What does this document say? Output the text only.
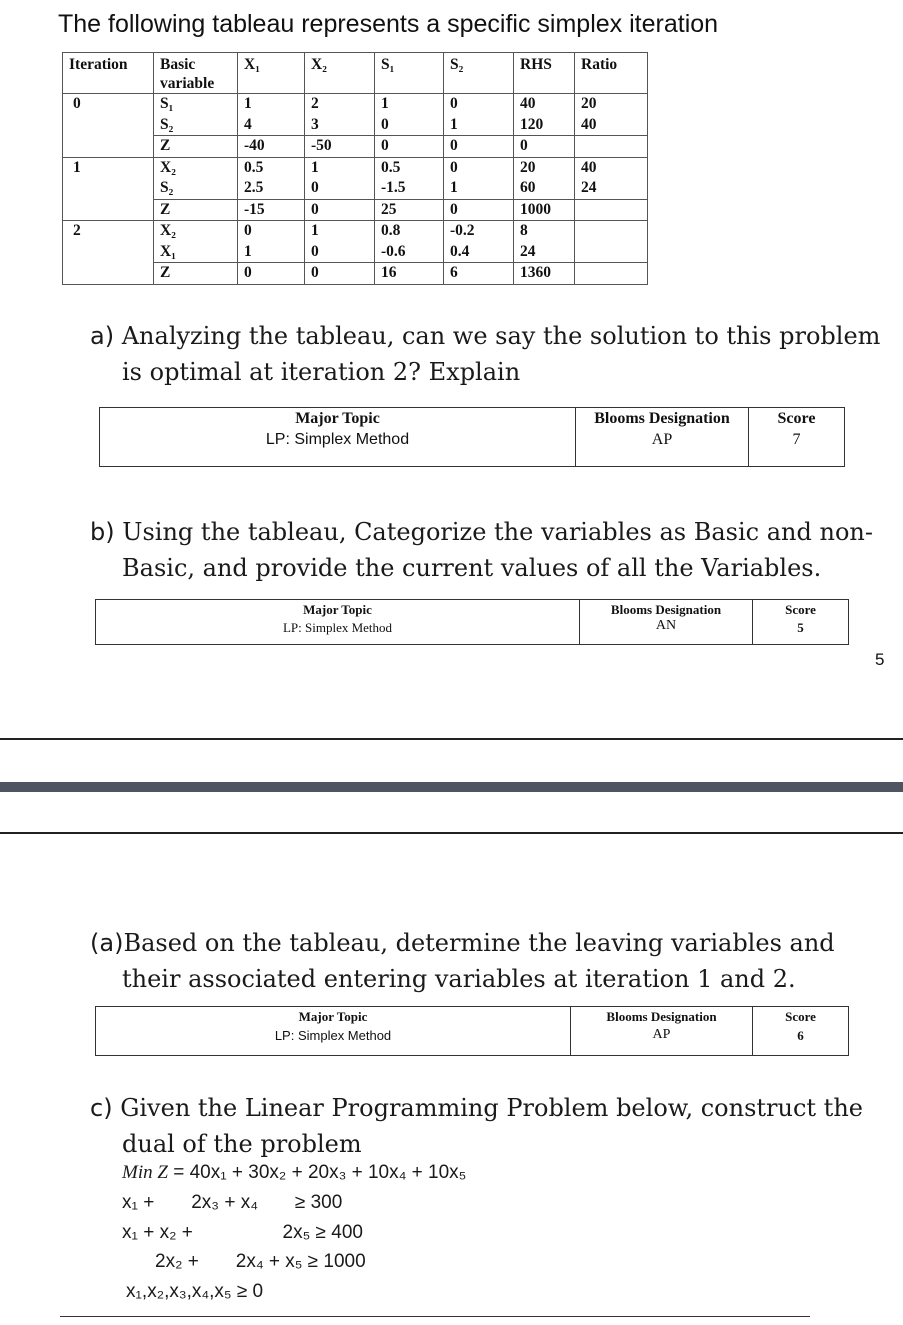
The following tableau represents a specific simplex iteration
Iteration	Basic variable	X₁	X₂	S₁	S₂	RHS	Ratio
0	S₁	1	2	1	0	40	20
	S₂	4	3	0	1	120	40
	Z	-40	-50	0	0	0	
1	X₂	0.5	1	0.5	0	20	40
	S₂	2.5	0	-1.5	1	60	24
	Z	-15	0	25	0	1000	
2	X₂	0	1	0.8	-0.2	8	
	X₁	1	0	-0.6	0.4	24	
	Z	0	0	16	6	1360	
a) Analyzing the tableau, can we say the solution to this problem is optimal at iteration 2? Explain
Major Topic
LP: Simplex Method

Blooms Designation
AP

Score
7
b) Using the tableau, Categorize the variables as Basic and non-Basic, and provide the current values of all the Variables.
Major Topic
LP: Simplex Method

Blooms Designation
AN

Score
5
5
(a)Based on the tableau, determine the leaving variables and their associated entering variables at iteration 1 and 2.
Major Topic
LP: Simplex Method

Blooms Designation
AP

Score
6
c) Given the Linear Programming Problem below, construct the dual of the problem
Min Z = 40x₁ + 30x₂ + 20x₃ + 10x₄ + 10x₅
x₁ +       2x₃ + x₄       ≥ 300
x₁ + x₂ +                 2x₅ ≥ 400
2x₂ +       2x₄ + x₅ ≥ 1000
x₁,x₂,x₃,x₄,x₅ ≥ 0
